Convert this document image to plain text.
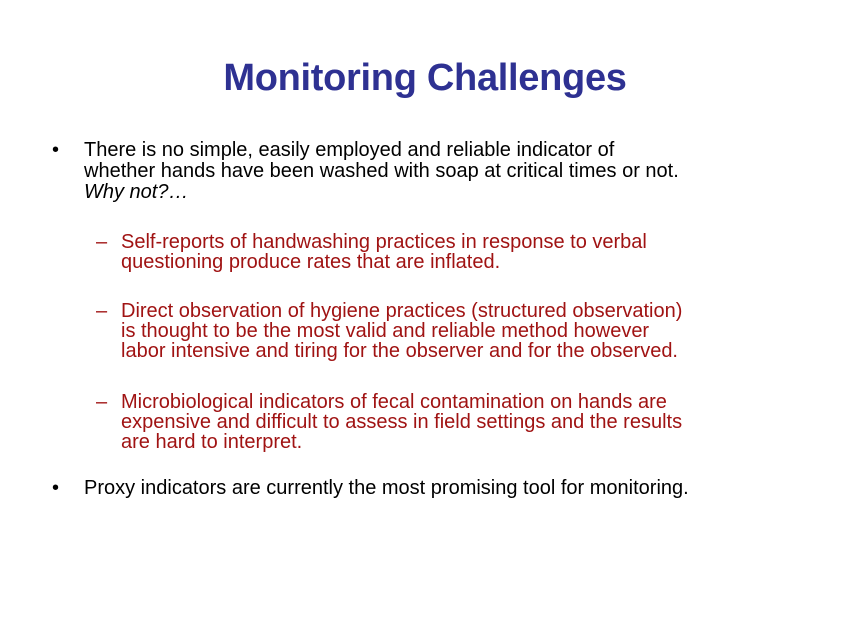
Monitoring Challenges
•	There is no simple, easily employed and reliable indicator of
whether hands have been washed with soap at critical times or not.
Why not?…
– Self-reports of handwashing practices in response to verbal
questioning produce rates that are inflated.
– Direct observation of hygiene practices (structured observation)
is thought to be the most valid and reliable method however
labor intensive and tiring for the observer and for the observed.
– Microbiological indicators of fecal contamination on hands are
expensive and difficult to assess in field settings and the results
are hard to interpret.
•	Proxy indicators are currently the most promising tool for monitoring.
